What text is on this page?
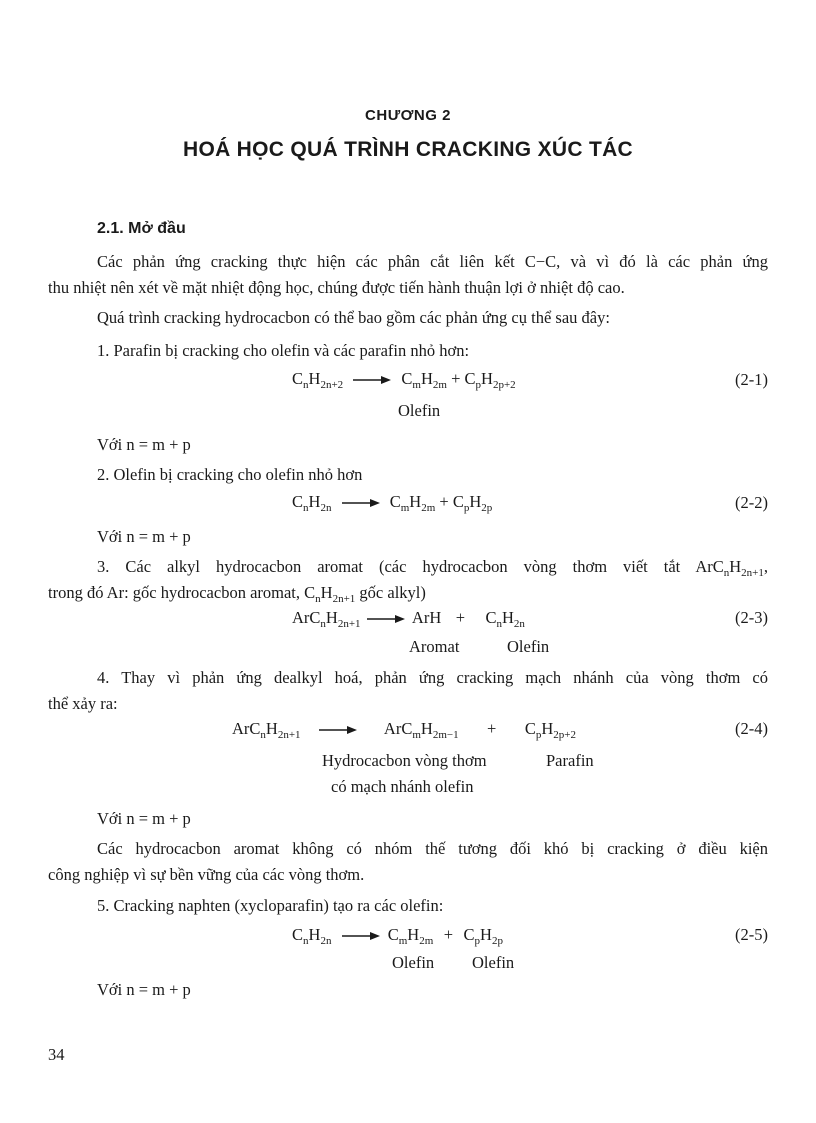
CHƯƠNG 2
HOÁ HỌC QUÁ TRÌNH CRACKING XÚC TÁC
2.1. Mở đầu
Các phản ứng cracking thực hiện các phân cắt liên kết C−C, và vì đó là các phản ứng
thu nhiệt nên xét về mặt nhiệt động học, chúng được tiến hành thuận lợi ở nhiệt độ cao.
Quá trình cracking hydrocacbon có thể bao gồm các phản ứng cụ thể sau đây:
1. Parafin bị cracking cho olefin và các parafin nhỏ hơn:
$C_nH_{2n+2} \to C_mH_{2m} + C_pH_{2p+2}$	(2-1)
Olefin
Với n = m + p
2. Olefin bị cracking cho olefin nhỏ hơn
$C_nH_{2n} \to C_mH_{2m} + C_pH_{2p}$	(2-2)
Với n = m + p
3. Các alkyl hydrocacbon aromat (các hydrocacbon vòng thơm viết tắt $ArC_nH_{2n+1}$,
trong đó Ar: gốc hydrocacbon aromat, $C_nH_{2n+1}$ gốc alkyl)
$ArC_nH_{2n+1}$ → ArH + $C_nH_{2n}$	(2-3)
Aromat	Olefin
4. Thay vì phản ứng dealkyl hoá, phản ứng cracking mạch nhánh của vòng thơm có
thể xảy ra:
$ArC_nH_{2n+1} \to ArC_mH_{2m-1} + C_pH_{2p+2}$	(2-4)
Hydrocacbon vòng thơm	Parafin
có mạch nhánh olefin
Với n = m + p
Các hydrocacbon aromat không có nhóm thế tương đối khó bị cracking ở điều kiện
công nghiệp vì sự bền vững của các vòng thơm.
5. Cracking naphten (xycloparafin) tạo ra các olefin:
$C_nH_{2n} \to C_mH_{2m} + C_pH_{2p}$	(2-5)
Olefin Olefin
Với n = m + p
34
